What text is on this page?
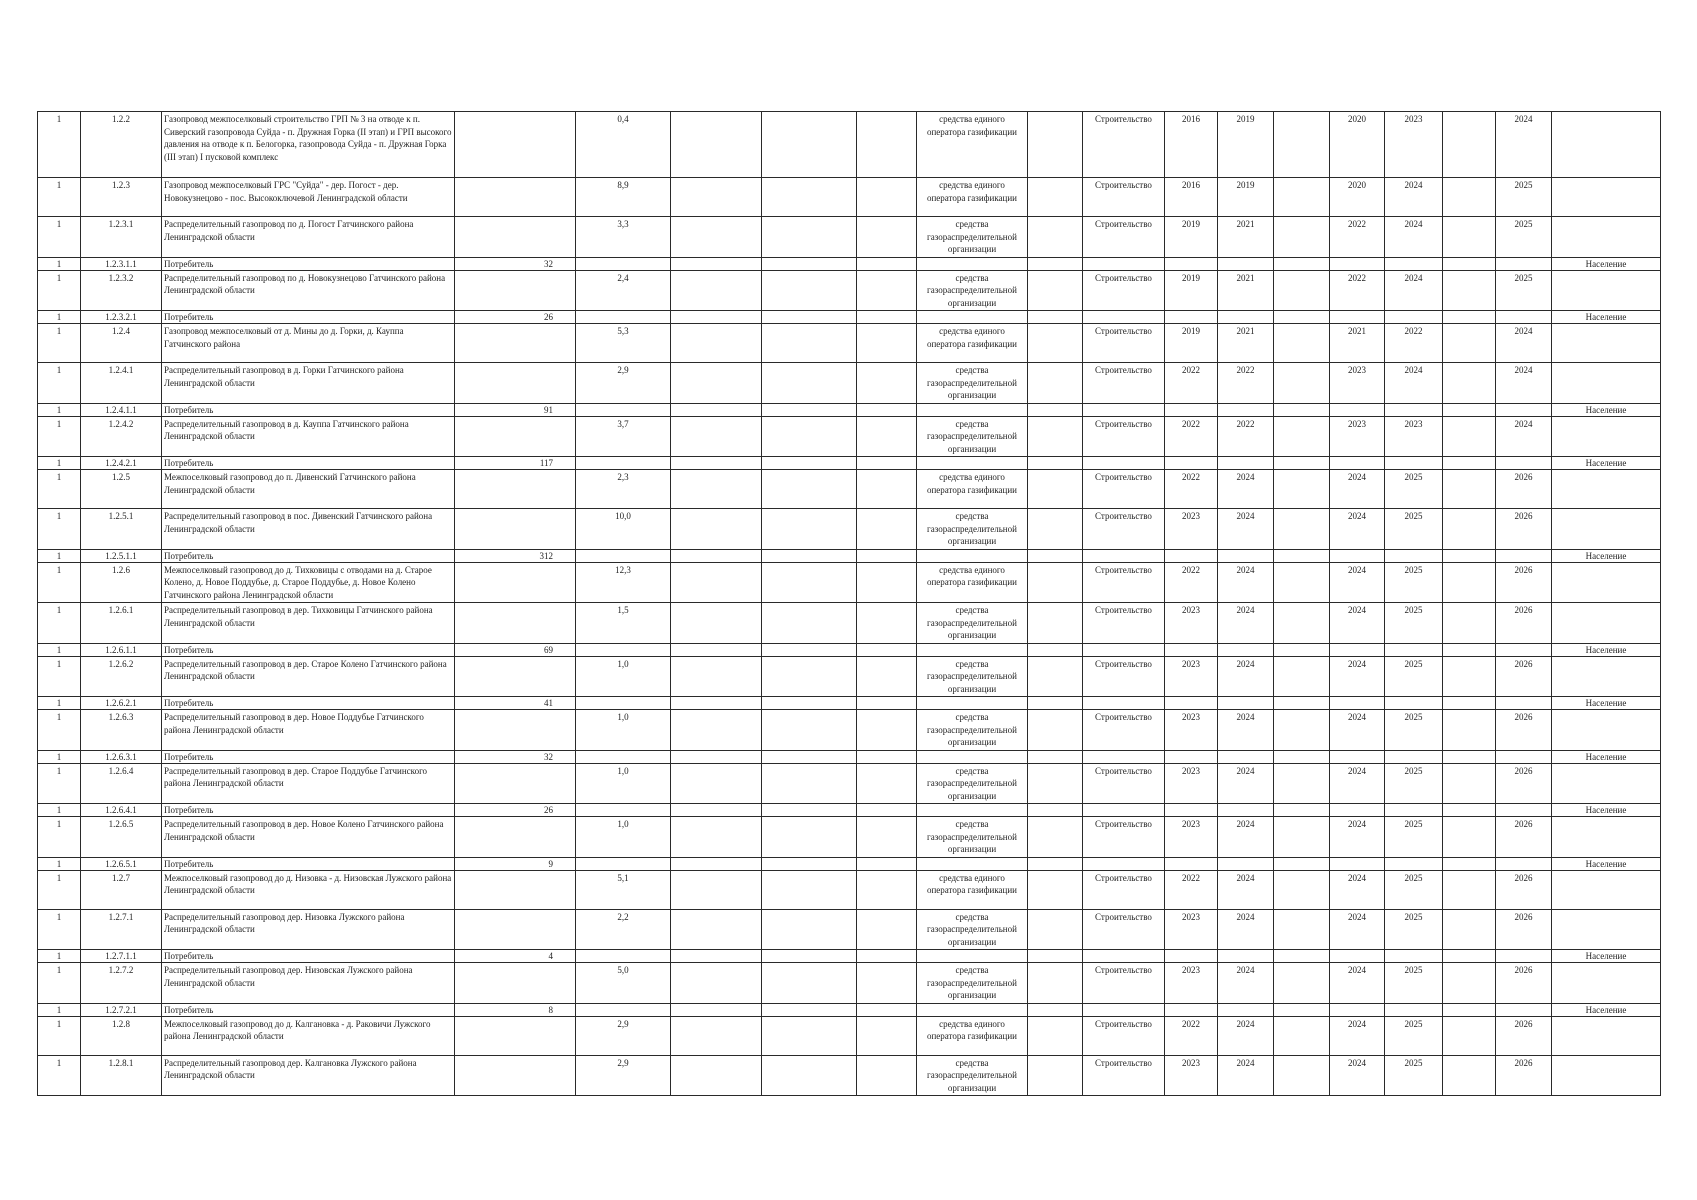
1	1.2.2	Газопровод межпоселковый строительство ГРП № 3 на отводе к п. Сиверский газопровода Суйда - п. Дружная Горка (II этап) и ГРП высокого давления на отводе к п. Белогорка, газопровода Суйда - п. Дружная Горка (III этап) I пусковой комплекс		0,4				средства единого оператора газификации		Строительство	2016	2019		2020	2023		2024	
1	1.2.3	Газопровод межпоселковый ГРС "Суйда" - дер. Погост - дер. Новокузнецово - пос. Высокоключевой Ленинградской области		8,9				средства единого оператора газификации		Строительство	2016	2019		2020	2024		2025	
1	1.2.3.1	Распределительный газопровод по д. Погост Гатчинского района Ленинградской области		3,3				средства газораспределительной организации		Строительство	2019	2021		2022	2024		2025	
1	1.2.3.1.1	Потребитель	32															Население
1	1.2.3.2	Распределительный газопровод по д. Новокузнецово Гатчинского района Ленинградской области		2,4				средства газораспределительной организации		Строительство	2019	2021		2022	2024		2025	
1	1.2.3.2.1	Потребитель	26															Население
1	1.2.4	Газопровод межпоселковый от д. Мины до д. Горки, д. Кауппа Гатчинского района		5,3				средства единого оператора газификации		Строительство	2019	2021		2021	2022		2024	
1	1.2.4.1	Распределительный газопровод в д. Горки Гатчинского района Ленинградской области		2,9				средства газораспределительной организации		Строительство	2022	2022		2023	2024		2024	
1	1.2.4.1.1	Потребитель	91															Население
1	1.2.4.2	Распределительный газопровод в д. Кауппа Гатчинского района Ленинградской области		3,7				средства газораспределительной организации		Строительство	2022	2022		2023	2023		2024	
1	1.2.4.2.1	Потребитель	117															Население
1	1.2.5	Межпоселковый газопровод до п. Дивенский Гатчинского района Ленинградской области		2,3				средства единого оператора газификации		Строительство	2022	2024		2024	2025		2026	
1	1.2.5.1	Распределительный газопровод в пос. Дивенский Гатчинского района Ленинградской области		10,0				средства газораспределительной организации		Строительство	2023	2024		2024	2025		2026	
1	1.2.5.1.1	Потребитель	312															Население
1	1.2.6	Межпоселковый газопровод до д. Тихковицы с отводами на д. Старое Колено, д. Новое Поддубье, д. Старое Поддубье, д. Новое Колено Гатчинского района Ленинградской области		12,3				средства единого оператора газификации		Строительство	2022	2024		2024	2025		2026	
1	1.2.6.1	Распределительный газопровод в дер. Тихковицы Гатчинского района Ленинградской области		1,5				средства газораспределительной организации		Строительство	2023	2024		2024	2025		2026	
1	1.2.6.1.1	Потребитель	69															Население
1	1.2.6.2	Распределительный газопровод в дер. Старое Колено Гатчинского района Ленинградской области		1,0				средства газораспределительной организации		Строительство	2023	2024		2024	2025		2026	
1	1.2.6.2.1	Потребитель	41															Население
1	1.2.6.3	Распределительный газопровод в дер. Новое Поддубье Гатчинского района Ленинградской области		1,0				средства газораспределительной организации		Строительство	2023	2024		2024	2025		2026	
1	1.2.6.3.1	Потребитель	32															Население
1	1.2.6.4	Распределительный газопровод в дер. Старое Поддубье Гатчинского района Ленинградской области		1,0				средства газораспределительной организации		Строительство	2023	2024		2024	2025		2026	
1	1.2.6.4.1	Потребитель	26															Население
1	1.2.6.5	Распределительный газопровод в дер. Новое Колено Гатчинского района Ленинградской области		1,0				средства газораспределительной организации		Строительство	2023	2024		2024	2025		2026	
1	1.2.6.5.1	Потребитель	9															Население
1	1.2.7	Межпоселковый газопровод до д. Низовка - д. Низовская Лужского района Ленинградской области		5,1				средства единого оператора газификации		Строительство	2022	2024		2024	2025		2026	
1	1.2.7.1	Распределительный газопровод дер. Низовка Лужского района Ленинградской области		2,2				средства газораспределительной организации		Строительство	2023	2024		2024	2025		2026	
1	1.2.7.1.1	Потребитель	4															Население
1	1.2.7.2	Распределительный газопровод дер. Низовская Лужского района Ленинградской области		5,0				средства газораспределительной организации		Строительство	2023	2024		2024	2025		2026	
1	1.2.7.2.1	Потребитель	8															Население
1	1.2.8	Межпоселковый газопровод до д. Калгановка - д. Раковичи Лужского района Ленинградской области		2,9				средства единого оператора газификации		Строительство	2022	2024		2024	2025		2026	
1	1.2.8.1	Распределительный газопровод дер. Калгановка Лужского района Ленинградской области		2,9				средства газораспределительной организации		Строительство	2023	2024		2024	2025		2026	
